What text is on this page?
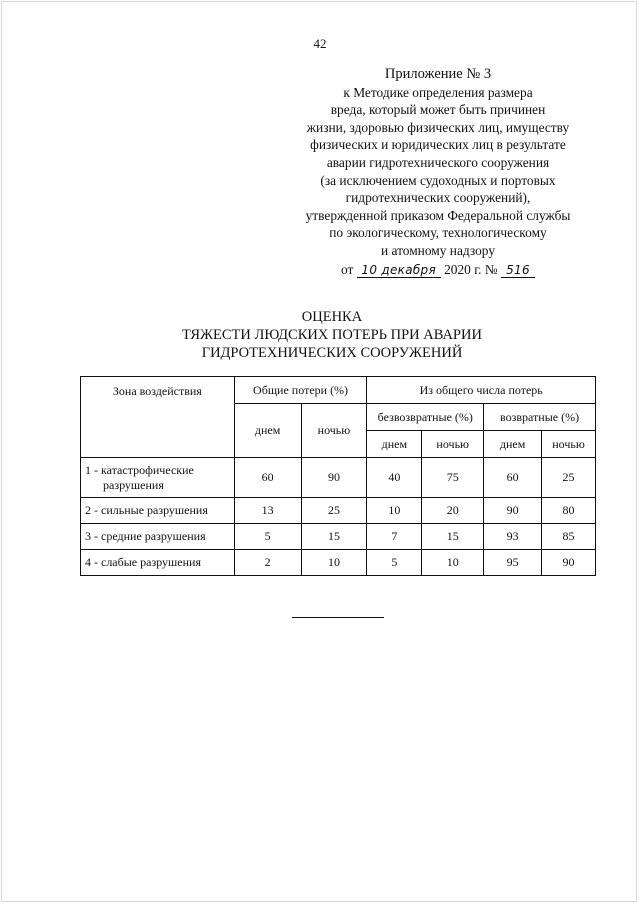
42
Приложение № 3
к Методике определения размера
вреда, который может быть причинен
жизни, здоровью физических лиц, имуществу
физических и юридических лиц в результате
аварии гидротехнического сооружения
(за исключением судоходных и портовых
гидротехнических сооружений),
утвержденной приказом Федеральной службы
по экологическому, технологическому
и атомному надзору
от 10 декабря 2020 г. № 516
ОЦЕНКА
ТЯЖЕСТИ ЛЮДСКИХ ПОТЕРЬ ПРИ АВАРИИ
ГИДРОТЕХНИЧЕСКИХ СООРУЖЕНИЙ
Зона воздействия	Общие потери (%)		Из общего числа потерь			
	днем	ночью	безвозвратные (%)		возвратные (%)	
			днем	ночью	днем	ночью
1 - катастрофические
разрушения	60	90	40	75	60	25
2 - сильные разрушения	13	25	10	20	90	80
3 - средние разрушения	5	15	7	15	93	85
4 - слабые разрушения	2	10	5	10	95	90
